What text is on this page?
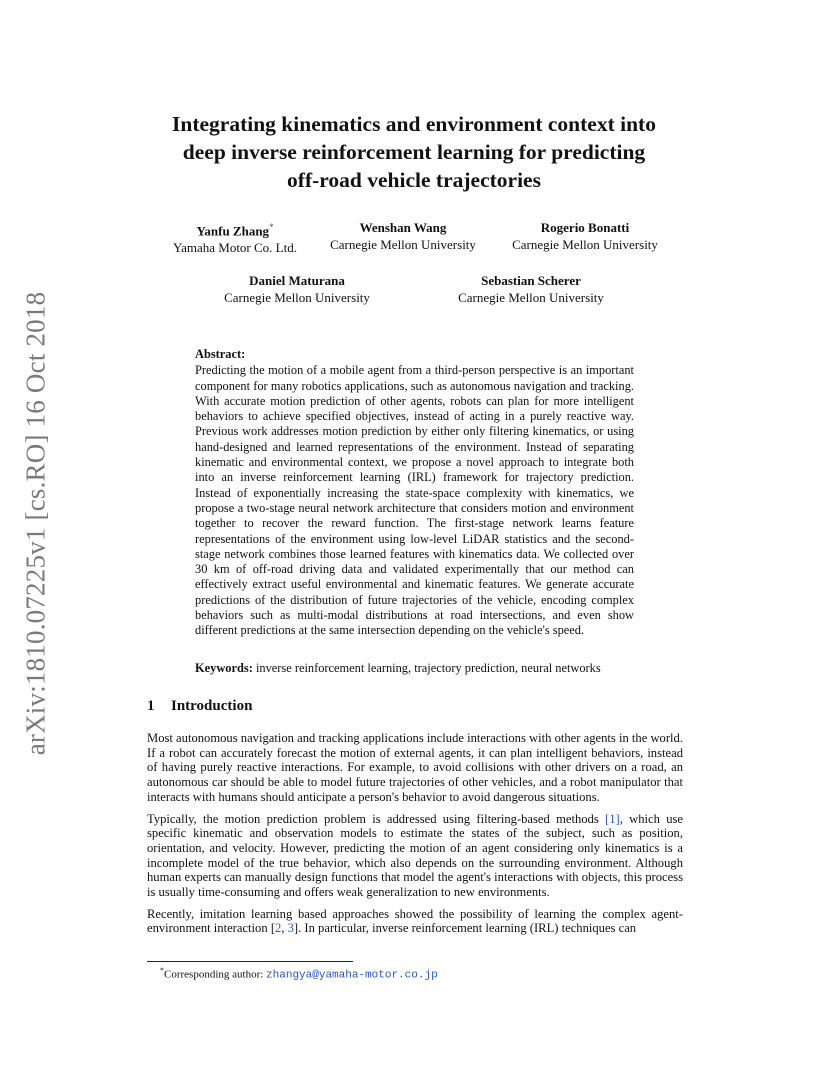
arXiv:1810.07225v1 [cs.RO] 16 Oct 2018
Integrating kinematics and environment context into
deep inverse reinforcement learning for predicting
off-road vehicle trajectories
Yanfu Zhang*
Yamaha Motor Co. Ltd.
Wenshan Wang
Carnegie Mellon University
Rogerio Bonatti
Carnegie Mellon University
Daniel Maturana
Carnegie Mellon University
Sebastian Scherer
Carnegie Mellon University
Abstract:
Predicting the motion of a mobile agent from a third-person perspective is an important component for many robotics applications, such as autonomous navigation and tracking. With accurate motion prediction of other agents, robots can plan for more intelligent behaviors to achieve specified objectives, instead of acting in a purely reactive way. Previous work addresses motion prediction by either only filtering kinematics, or using hand-designed and learned representations of the environment. Instead of separating kinematic and environmental context, we propose a novel approach to integrate both into an inverse reinforcement learning (IRL) framework for trajectory prediction. Instead of exponentially increasing the state-space complexity with kinematics, we propose a two-stage neural network architecture that considers motion and environment together to recover the reward function. The first-stage network learns feature representations of the environment using low-level LiDAR statistics and the second-stage network combines those learned features with kinematics data. We collected over 30 km of off-road driving data and validated experimentally that our method can effectively extract useful environmental and kinematic features. We generate accurate predictions of the distribution of future trajectories of the vehicle, encoding complex behaviors such as multi-modal distributions at road intersections, and even show different predictions at the same intersection depending on the vehicle's speed.
Keywords: inverse reinforcement learning, trajectory prediction, neural networks
1 Introduction

Most autonomous navigation and tracking applications include interactions with other agents in the world. If a robot can accurately forecast the motion of external agents, it can plan intelligent behaviors, instead of having purely reactive interactions. For example, to avoid collisions with other drivers on a road, an autonomous car should be able to model future trajectories of other vehicles, and a robot manipulator that interacts with humans should anticipate a person's behavior to avoid dangerous situations.

Typically, the motion prediction problem is addressed using filtering-based methods [1], which use specific kinematic and observation models to estimate the states of the subject, such as position, orientation, and velocity. However, predicting the motion of an agent considering only kinematics is a incomplete model of the true behavior, which also depends on the surrounding environment. Although human experts can manually design functions that model the agent's interactions with objects, this process is usually time-consuming and offers weak generalization to new environments.

Recently, imitation learning based approaches showed the possibility of learning the complex agent-environment interaction [2, 3]. In particular, inverse reinforcement learning (IRL) techniques can

*Corresponding author: zhangya@yamaha-motor.co.jp
